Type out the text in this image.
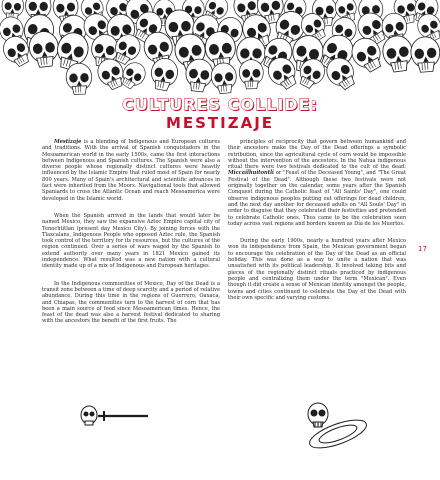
CULTURES COLLIDE:
MESTIZAJE

Mestizaje is a blending of Indigenous and European cultures and traditions. With the arrival of Spanish conquistadors in the Mesoamerican world in the early 1500s, came the first interactions between Indigenous and Spanish cultures. The Spanish were also a diverse people whose regionally distinct cultures were heavily influenced by the Islamic Empire that ruled most of Spain for nearly 800 years. Many of Spain's architectural and scientific advances in fact were inherited from the Moors. Navigational tools that allowed Spaniards to cross the Atlantic Ocean and reach Mesoamerica were developed in the Islamic world.

When the Spanish arrived in the lands that would later be named Mexico, they saw the expansive Aztec Empire capital city of Tenochtitlan (present day Mexico City). By joining forces with the Tlaxcalans, Indigenous People who opposed Aztec rule, the Spanish took control of the territory for its resources, but the cultures of the region continued. Over a series of wars waged by the Spanish to extend authority over many years in 1821 Mexico gained its independence. What resulted was a new nation with a cultural identity made up of a mix of Indigenous and European heritages.

In the Indigenous communities of Mexico, Day of the Dead is a transit zone between a time of deep scarcity and a period of relative abundance. During this time in the regions of Guerrero, Oaxaca, and Chiapas, the communities turn to the harvest of corn that has been a main source of food since Mesoamerican times. Hence, the feast of the dead was also a harvest festival dedicated to sharing with the ancestors the benefit of the first fruits. The

principles of reciprocity that govern between humankind and their ancestors make the Day of the Dead offerings a symbolic retribution, since the agricultural cycle of corn would be impossible without the intervention of the ancestors. In the Nahua indigenous ritual there were two festivals dedicated to the cult of the dead: Miccailhuitontli or "Feast of the Deceased Young", and "The Great Festival of the Dead". Although these two festivals were not originally together on the calendar, some years after the Spanish Conquest during the Catholic feast of "All Saints' Day", one could observe indigenous peoples putting out offerings for dead children, and the next day another for deceased adults on "All Souls' Day" in order to disguise that they celebrated their festivities and pretended to celebrate Catholic ones. Thus came to be the celebration seen today across vast regions and borders known as Día de los Muertos.

During the early 1900s, nearly a hundred years after Mexico won its independence from Spain, the Mexican government began to encourage the celebration of the Day of the Dead as an official holiday. This was done as a way to unite a nation that was unsatisfied with its political leadership. It involved taking bits and pieces of the regionally distinct rituals practiced by indigenous people and centralizing them under the term "Mexican". Even though it did create a sense of Mexican identity amongst the people, towns and cities continued to celebrate the Day of the Dead with their own specific and varying customs.

17
